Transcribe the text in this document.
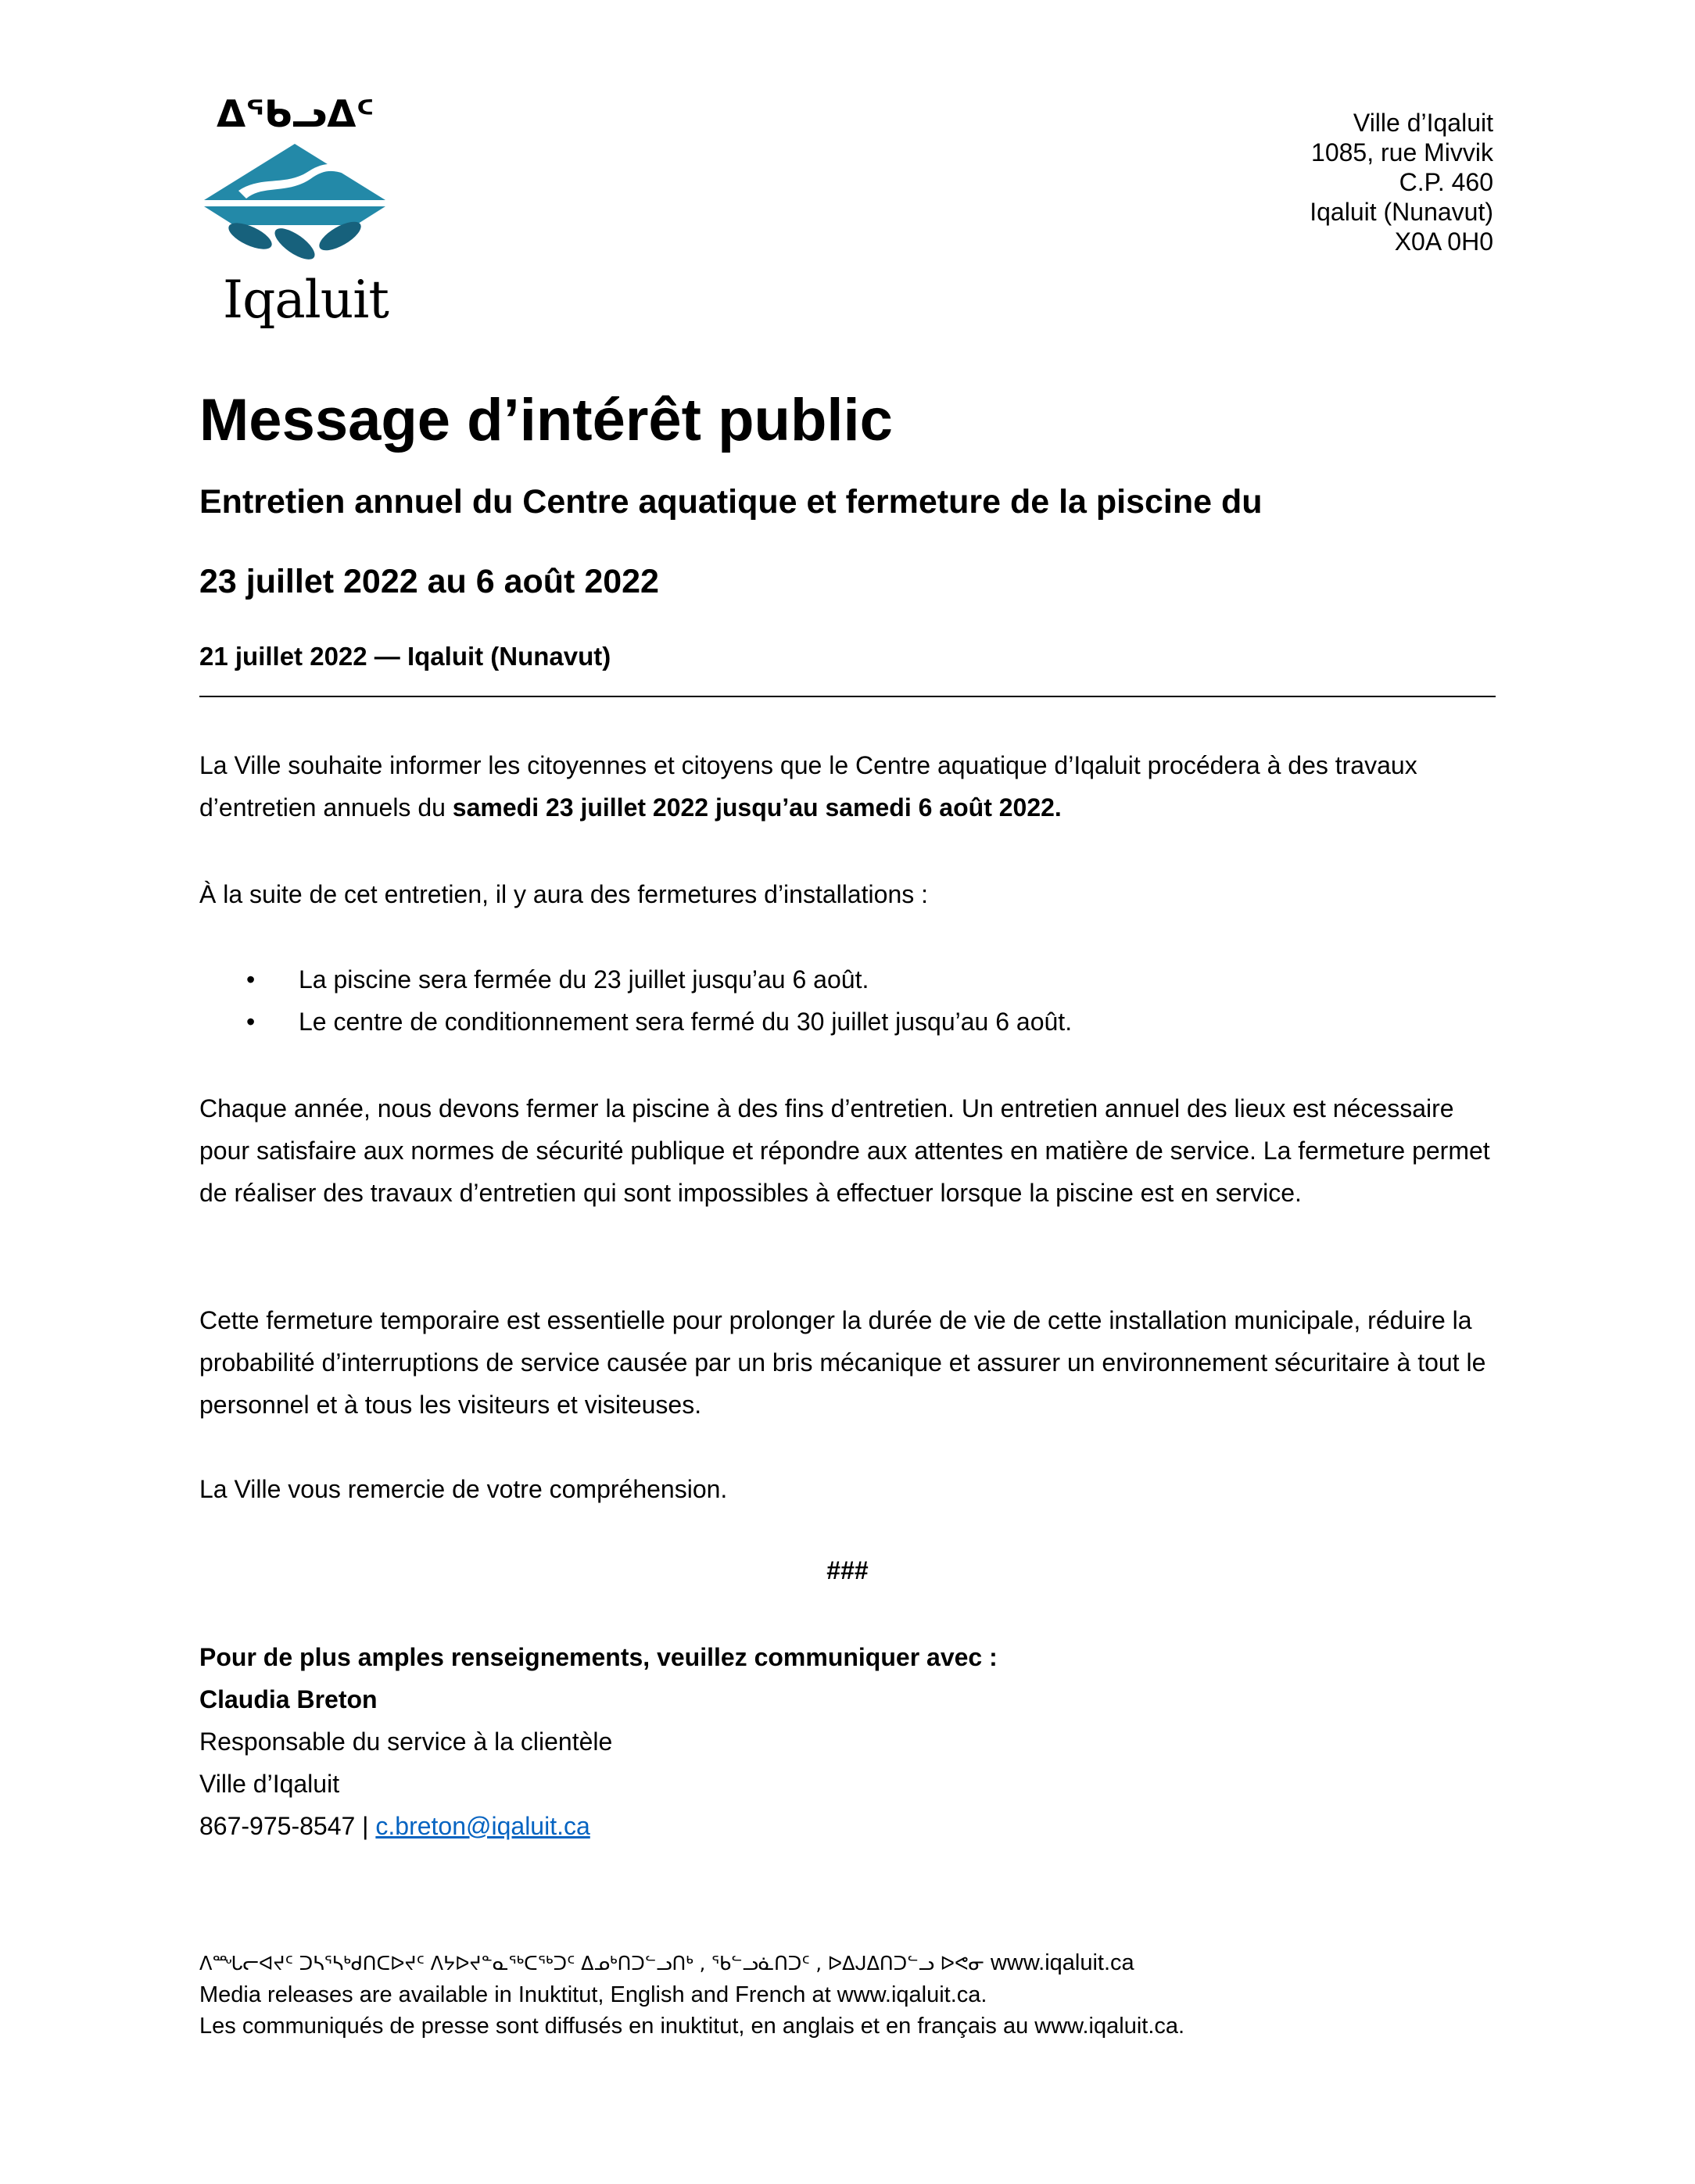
ᐃᖃᓗᐃᑦ
Iqaluit
Ville d’Iqaluit
1085, rue Mivvik
C.P. 460
Iqaluit (Nunavut)
X0A 0H0
Message d’intérêt public
Entretien annuel du Centre aquatique et fermeture de la piscine du
23 juillet 2022 au 6 août 2022
21 juillet 2022 — Iqaluit (Nunavut)
La Ville souhaite informer les citoyennes et citoyens que le Centre aquatique d’Iqaluit procédera à des travaux d’entretien annuels du samedi 23 juillet 2022 jusqu’au samedi 6 août 2022.
À la suite de cet entretien, il y aura des fermetures d’installations :
• La piscine sera fermée du 23 juillet jusqu’au 6 août.
• Le centre de conditionnement sera fermé du 30 juillet jusqu’au 6 août.
Chaque année, nous devons fermer la piscine à des fins d’entretien. Un entretien annuel des lieux est nécessaire pour satisfaire aux normes de sécurité publique et répondre aux attentes en matière de service. La fermeture permet de réaliser des travaux d’entretien qui sont impossibles à effectuer lorsque la piscine est en service.
Cette fermeture temporaire est essentielle pour prolonger la durée de vie de cette installation municipale, réduire la probabilité d’interruptions de service causée par un bris mécanique et assurer un environnement sécuritaire à tout le personnel et à tous les visiteurs et visiteuses.
La Ville vous remercie de votre compréhension.
###
Pour de plus amples renseignements, veuillez communiquer avec :
Claudia Breton
Responsable du service à la clientèle
Ville d’Iqaluit
867-975-8547 | c.breton@iqaluit.ca
ᐱᙵᓕᐊᔪᑦ ᑐᓴᕐᓴᒃᑯᑎᑕᐅᔪᑦ ᐱᔭᐅᔪᓐᓇᖅᑕᖅᑐᑦ ᐃᓄᒃᑎᑐᓪᓗᑎᒃ , ᖃᓪᓗᓈᑎᑐᑦ , ᐅᐃᒍᐃᑎᑐᓪᓗ ᐅᕙᓂ www.iqaluit.ca
Media releases are available in Inuktitut, English and French at www.iqaluit.ca.
Les communiqués de presse sont diffusés en inuktitut, en anglais et en français au www.iqaluit.ca.
